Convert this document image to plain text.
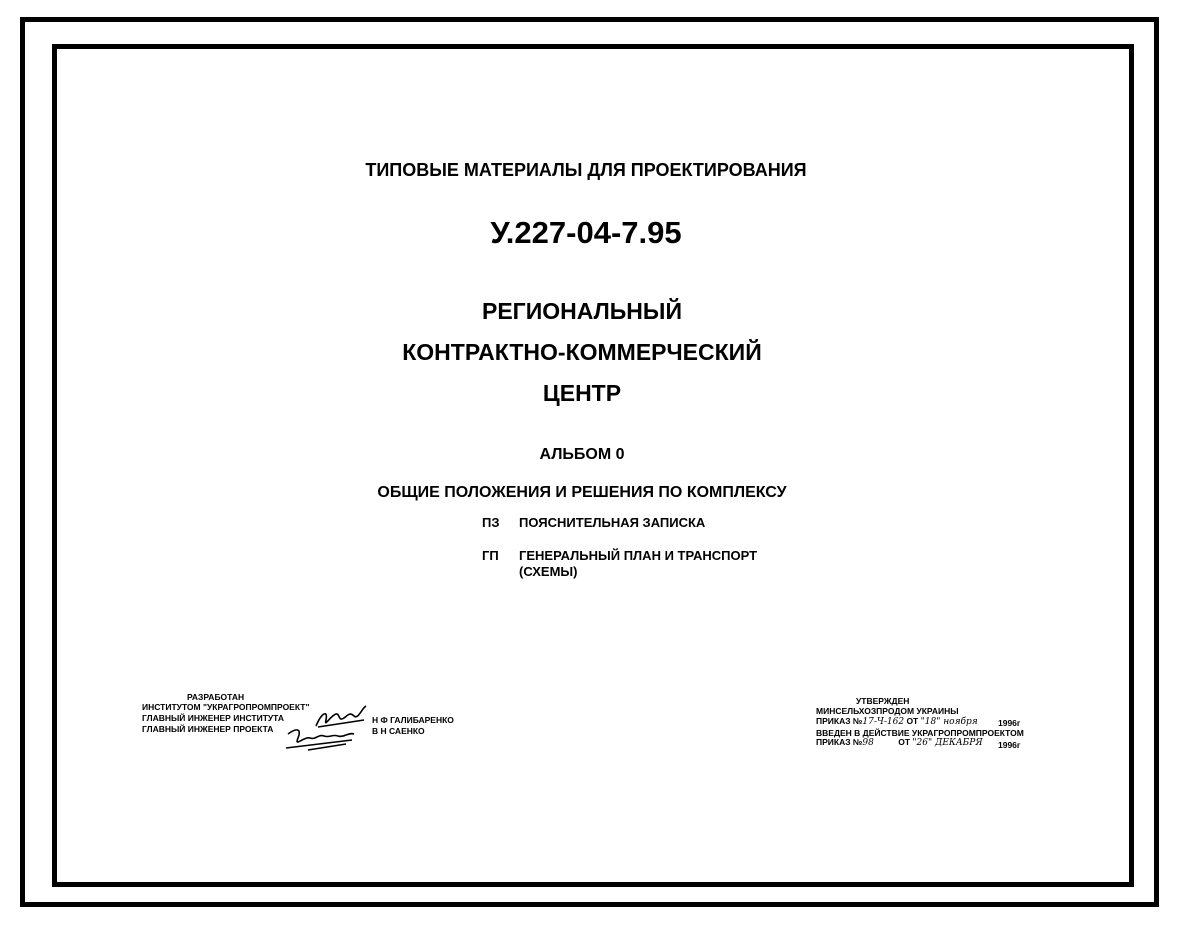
ТИПОВЫЕ МАТЕРИАЛЫ ДЛЯ ПРОЕКТИРОВАНИЯ
У.227-04-7.95
РЕГИОНАЛЬНЫЙ
КОНТРАКТНО-КОММЕРЧЕСКИЙ
ЦЕНТР
АЛЬБОМ 0
ОБЩИЕ ПОЛОЖЕНИЯ И РЕШЕНИЯ ПО КОМПЛЕКСУ
ПЗ ПОЯСНИТЕЛЬНАЯ ЗАПИСКА
ГП ГЕНЕРАЛЬНЫЙ ПЛАН И ТРАНСПОРТ
(СХЕМЫ)
РАЗРАБОТАН
ИНСТИТУТОМ "УКРАГРОПРОМПРОЕКТ"
ГЛАВНЫЙ ИНЖЕНЕР ИНСТИТУТА
ГЛАВНЫЙ ИНЖЕНЕР ПРОЕКТА
Н Ф ГАЛИБАРЕНКО
В Н САЕНКО
УТВЕРЖДЕН
МИНСЕЛЬХОЗПРОДОМ УКРАИНЫ
ПРИКАЗ №17-Ч-162 ОТ "18" ноября 1996г
ВВЕДЕН В ДЕЙСТВИЕ УКРАГРОПРОМПРОЕКТОМ
ПРИКАЗ №98	ОТ "26" ДЕКАБРЯ 1996г
